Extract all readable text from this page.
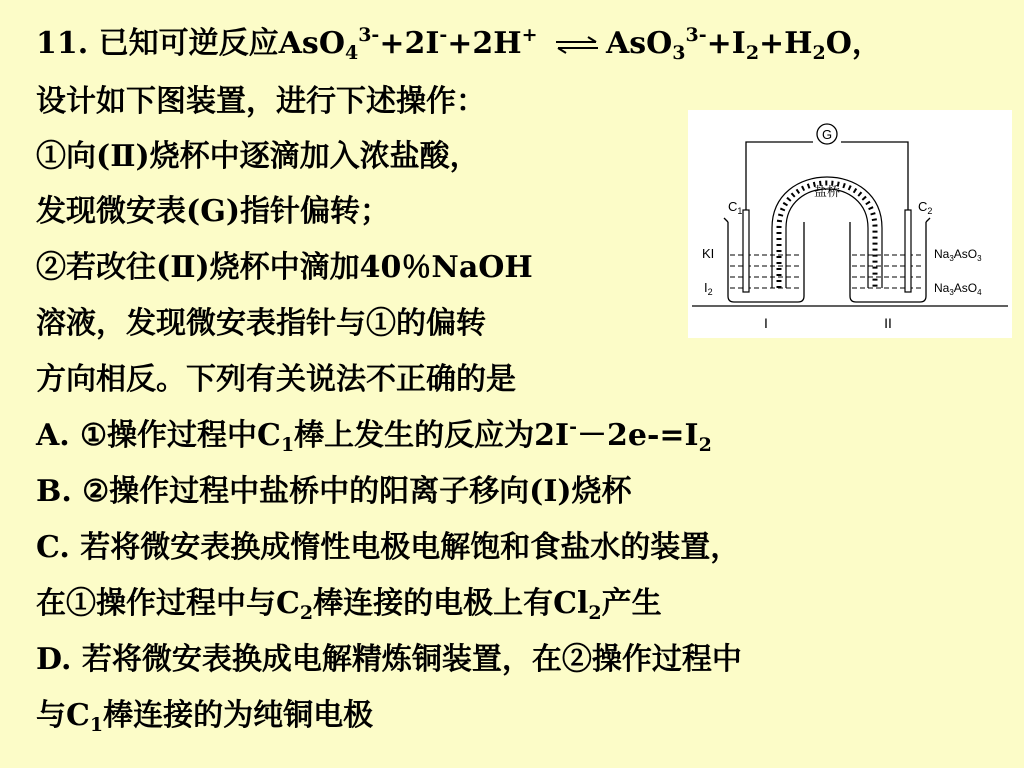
11. 已知可逆反应AsO$_4^{3-}$+2I-+2H+ ⇌ $AsO_3^{3-}+I_2+H_2O$，
设计如下图装置，进行下述操作：
①向(Ⅱ)烧杯中逐滴加入浓盐酸，
发现微安表(G)指针偏转；
②若改往(Ⅱ)烧杯中滴加40％NaOH
溶液，发现微安表指针与①的偏转
方向相反。下列有关说法不正确的是
A. ①操作过程中$C_1$棒上发生的反应为$2I^--2e-=I_2$
B. ②操作过程中盐桥中的阳离子移向(Ⅰ)烧杯
C. 若将微安表换成惰性电极电解饱和食盐水的装置，
在①操作过程中与$C_2$棒连接的电极上有$Cl_2$产生
D. 若将微安表换成电解精炼铜装置，在②操作过程中
与$C_1$棒连接的为纯铜电极
G
盐桥
$C_1$
KI
$I_2$
$C_2$
$Na_3AsO_3$
$Na_3AsO_4$
I	II
